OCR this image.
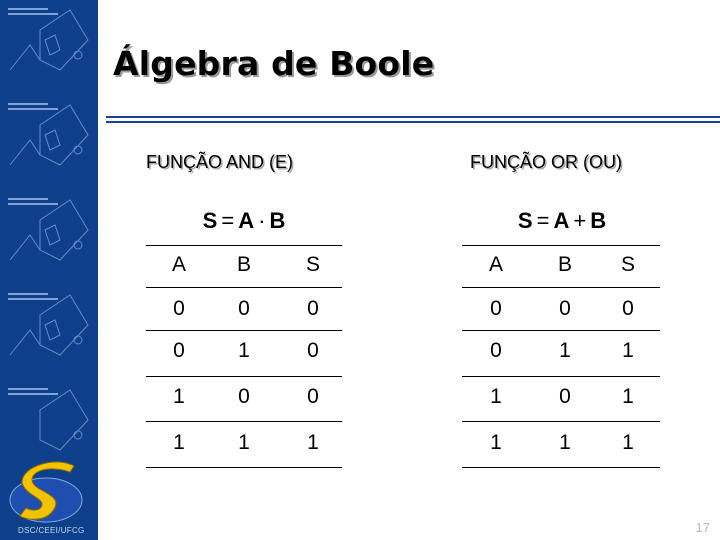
DSC/CEEI/UFCG
Álgebra de Boole
FUNÇÃO AND (E)
S = A · B
A	B	S
0	0	0
0	1	0
1	0	0
1	1	1
FUNÇÃO OR (OU)
S = A + B
A	B	S
0	0	0
0	1	1
1	0	1
1	1	1
17
